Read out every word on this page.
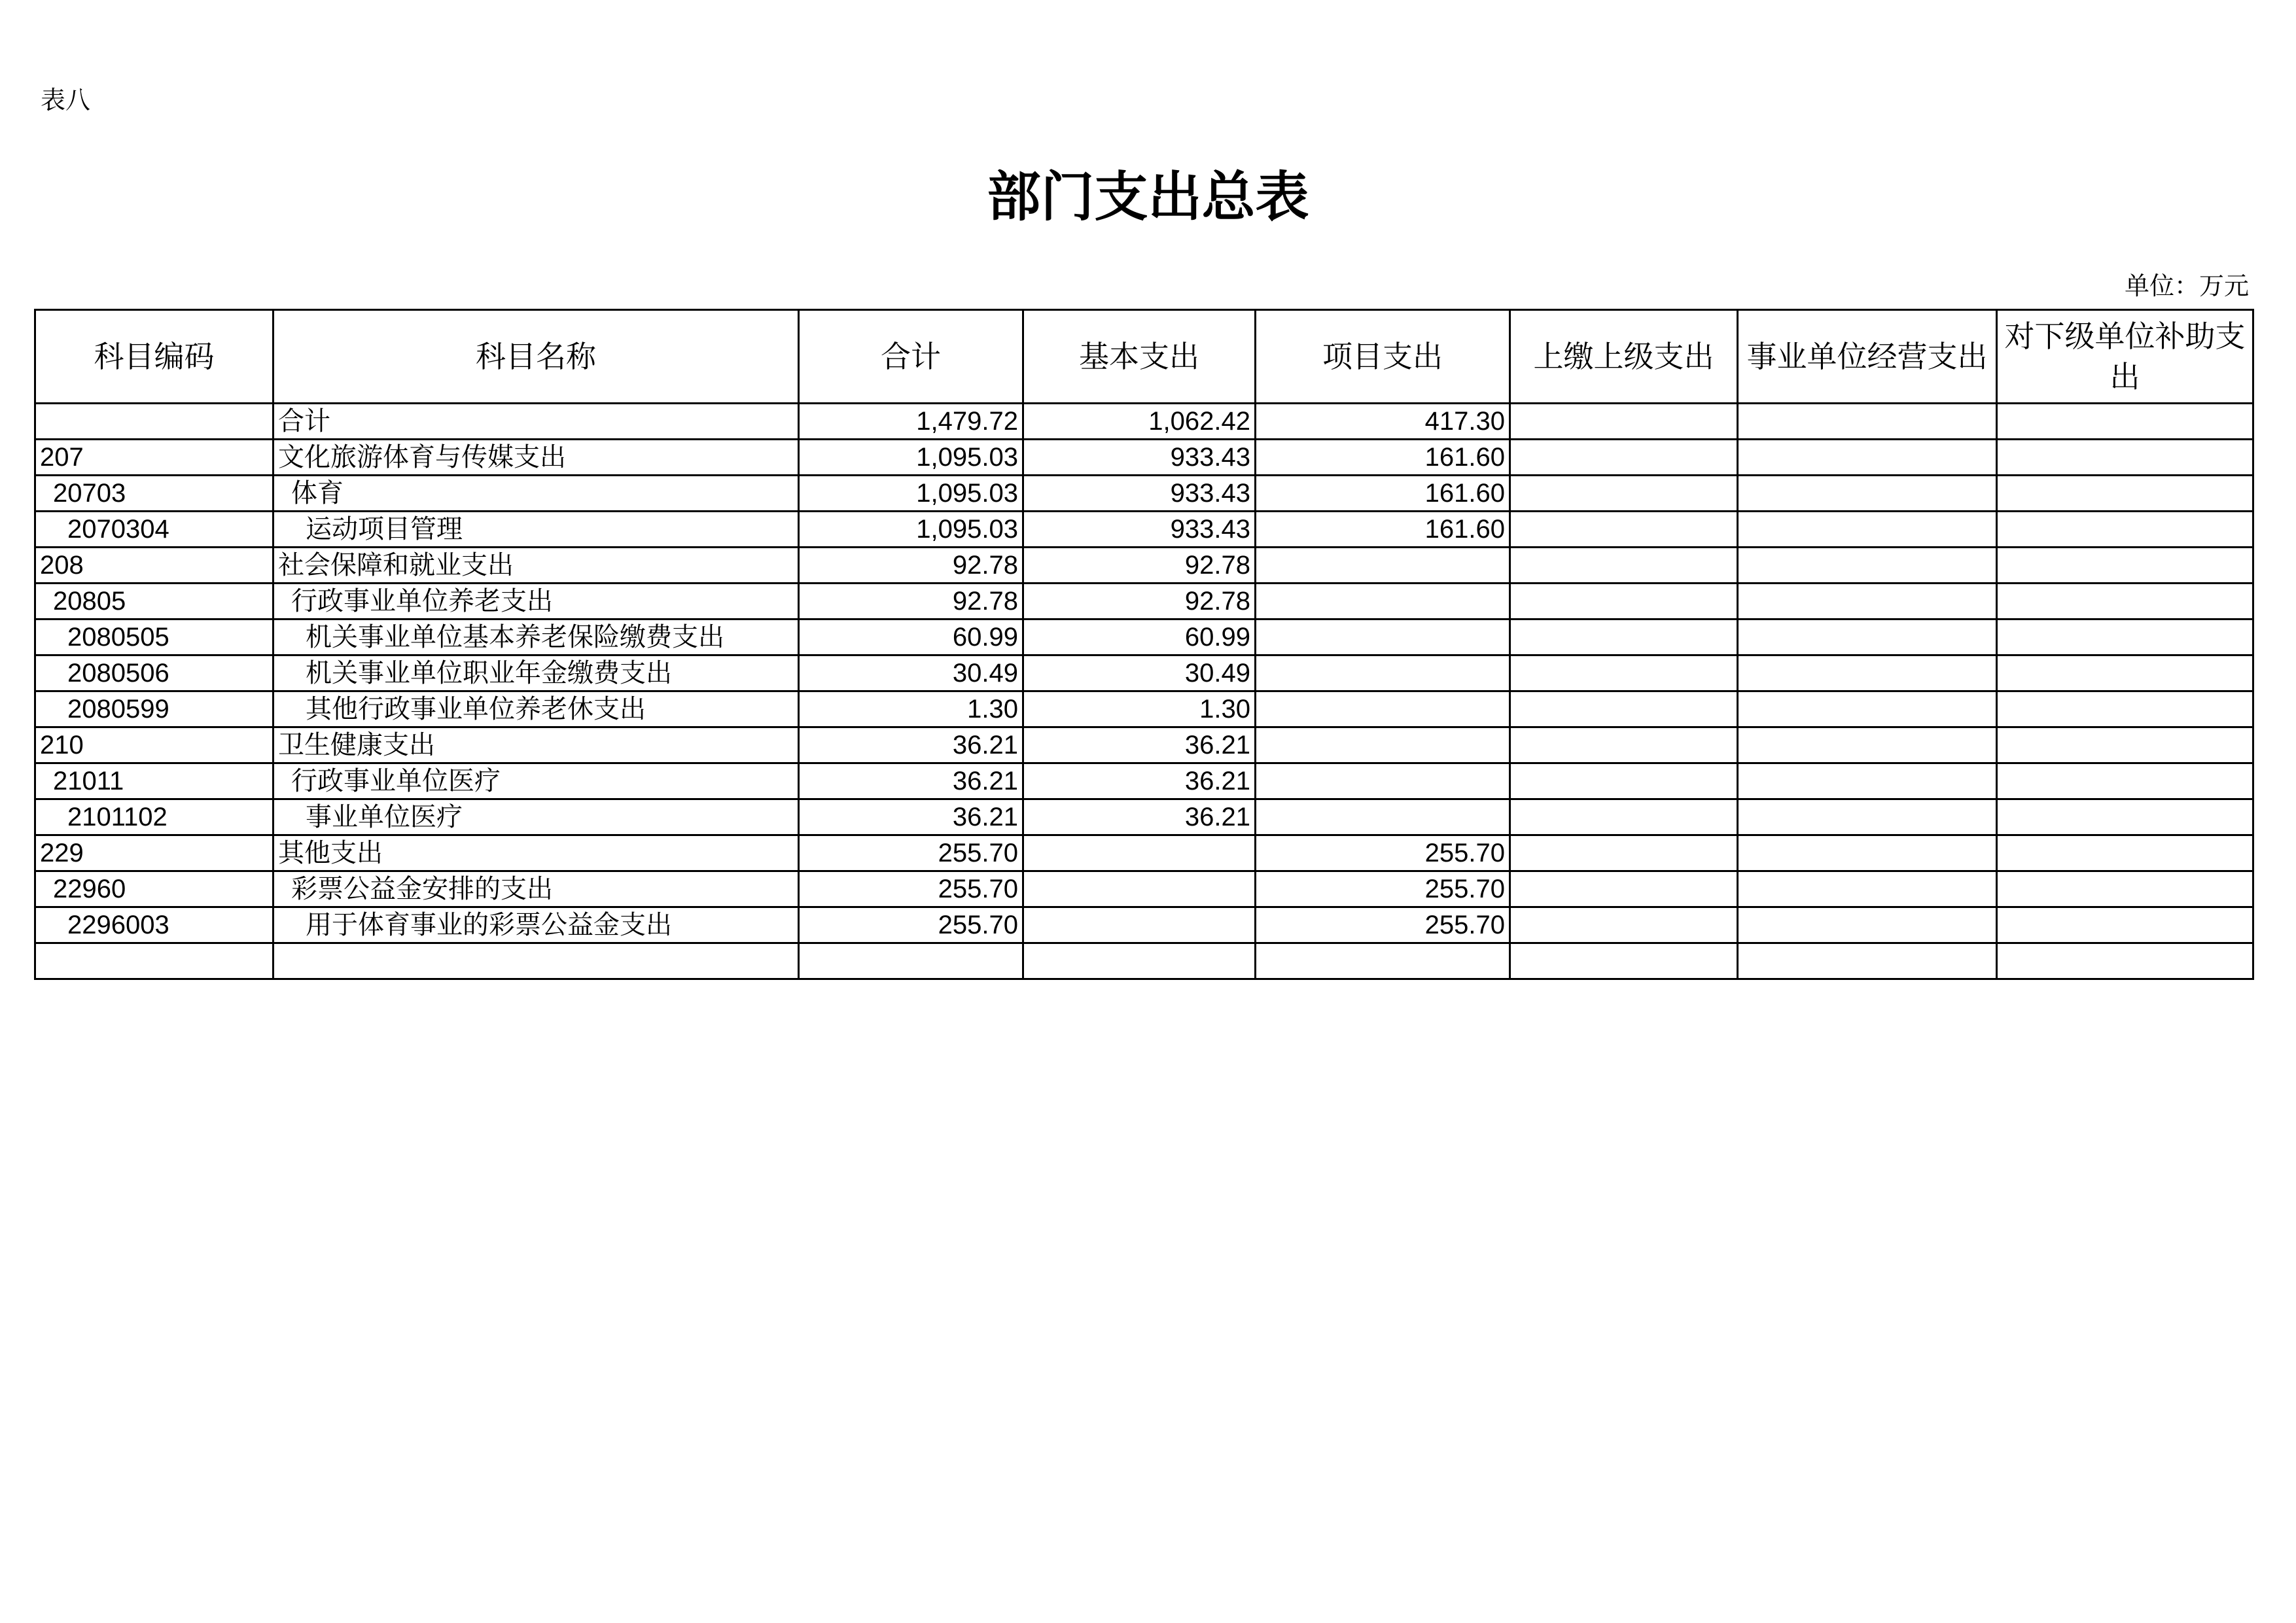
表八
部门支出总表
单位：万元
科目编码	科目名称	合计	基本支出	项目支出	上缴上级支出	事业单位经营支出	对下级单位补助支出
	合计	1,479.72	1,062.42	417.30			
207	文化旅游体育与传媒支出	1,095.03	933.43	161.60			
20703	体育	1,095.03	933.43	161.60			
2070304	运动项目管理	1,095.03	933.43	161.60			
208	社会保障和就业支出	92.78	92.78				
20805	行政事业单位养老支出	92.78	92.78				
2080505	机关事业单位基本养老保险缴费支出	60.99	60.99				
2080506	机关事业单位职业年金缴费支出	30.49	30.49				
2080599	其他行政事业单位养老休支出	1.30	1.30				
210	卫生健康支出	36.21	36.21				
21011	行政事业单位医疗	36.21	36.21				
2101102	事业单位医疗	36.21	36.21				
229	其他支出	255.70		255.70			
22960	彩票公益金安排的支出	255.70		255.70			
2296003	用于体育事业的彩票公益金支出	255.70		255.70			
